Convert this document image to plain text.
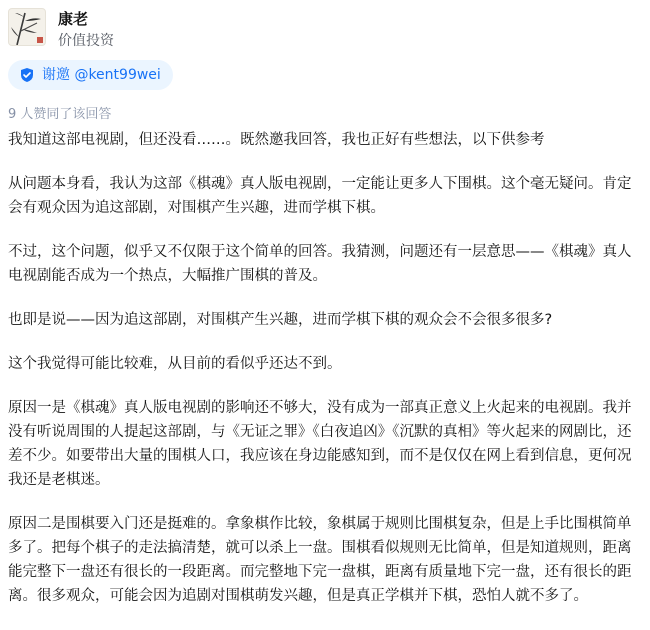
康老
价值投资
谢邀 @kent99wei
9 人赞同了该回答

我知道这部电视剧，但还没看……。既然邀我回答，我也正好有些想法，以下供参考

从问题本身看，我认为这部《棋魂》真人版电视剧，一定能让更多人下围棋。这个毫无疑问。肯定会有观众因为追这部剧，对围棋产生兴趣，进而学棋下棋。

不过，这个问题，似乎又不仅限于这个简单的回答。我猜测，问题还有一层意思——《棋魂》真人电视剧能否成为一个热点，大幅推广围棋的普及。

也即是说——因为追这部剧，对围棋产生兴趣，进而学棋下棋的观众会不会很多很多?

这个我觉得可能比较难，从目前的看似乎还达不到。

原因一是《棋魂》真人版电视剧的影响还不够大，没有成为一部真正意义上火起来的电视剧。我并没有听说周围的人提起这部剧，与《无证之罪》《白夜追凶》《沉默的真相》等火起来的网剧比，还差不少。如要带出大量的围棋人口，我应该在身边能感知到，而不是仅仅在网上看到信息，更何况我还是老棋迷。

原因二是围棋要入门还是挺难的。拿象棋作比较，象棋属于规则比围棋复杂，但是上手比围棋简单多了。把每个棋子的走法搞清楚，就可以杀上一盘。围棋看似规则无比简单，但是知道规则，距离能完整下一盘还有很长的一段距离。而完整地下完一盘棋，距离有质量地下完一盘，还有很长的距离。很多观众，可能会因为追剧对围棋萌发兴趣，但是真正学棋并下棋，恐怕人就不多了。
